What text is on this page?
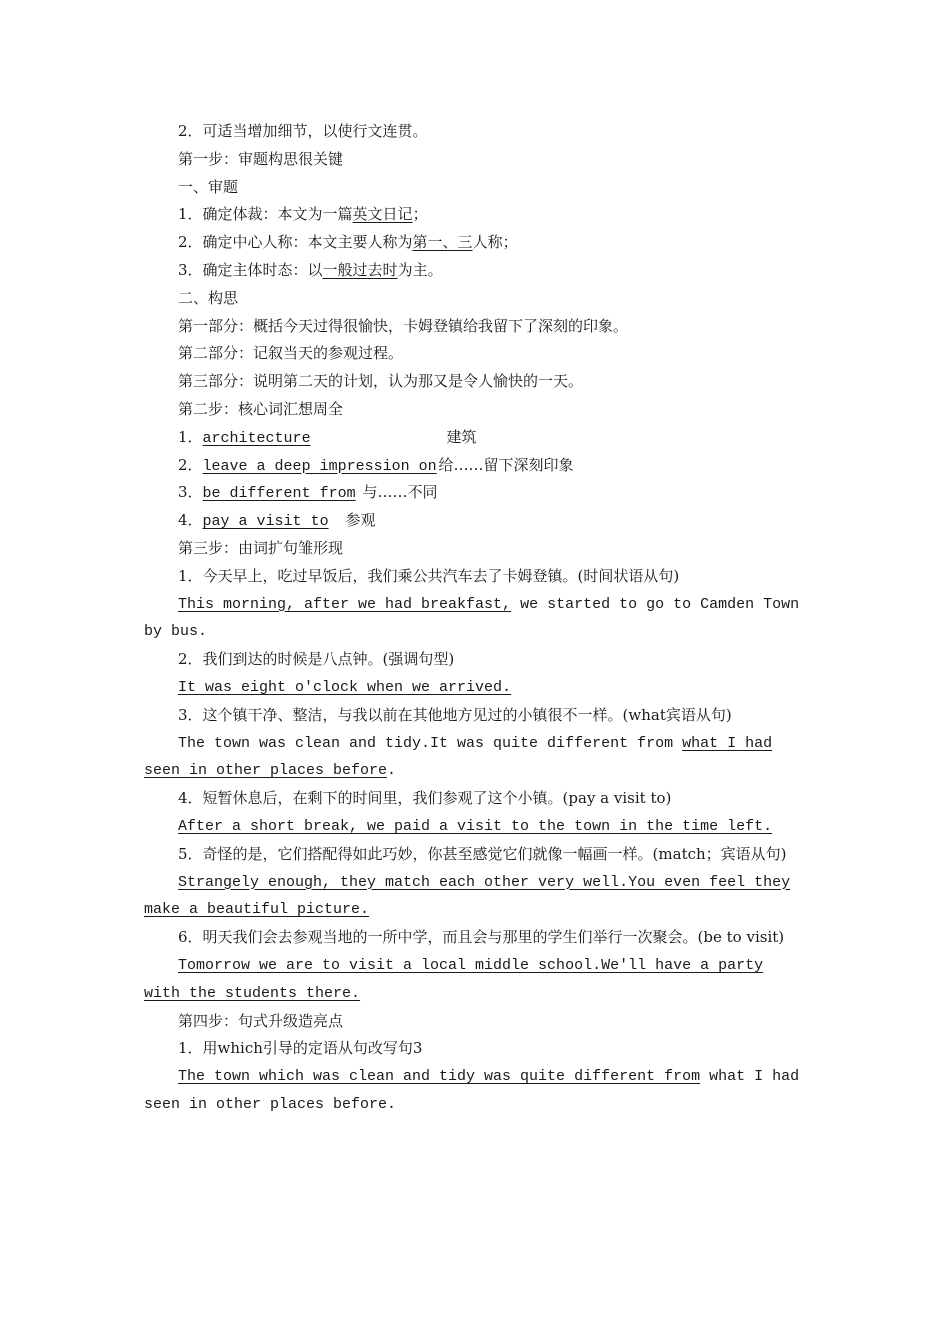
2．可适当增加细节，以使行文连贯。
第一步：审题构思很关键
一、审题
1．确定体裁：本文为一篇英文日记；
2．确定中心人称：本文主要人称为第一、三人称；
3．确定主体时态：以一般过去时为主。
二、构思
第一部分：概括今天过得很愉快，卡姆登镇给我留下了深刻的印象。
第二部分：记叙当天的参观过程。
第三部分：说明第二天的计划，认为那又是令人愉快的一天。
第二步：核心词汇想周全
1．architecture	建筑
2．leave a deep impression on 给……留下深刻印象
3．be different from 与……不同
4．pay a visit to 参观
第三步：由词扩句雏形现
1．今天早上，吃过早饭后，我们乘公共汽车去了卡姆登镇。(时间状语从句)
This morning, after we had breakfast, we started to go to Camden Town by bus.
2．我们到达的时候是八点钟。(强调句型)
It was eight o'clock when we arrived.
3．这个镇干净、整洁，与我以前在其他地方见过的小镇很不一样。(what宾语从句)
The town was clean and tidy.It was quite different from what I had seen in other places before.
4．短暂休息后，在剩下的时间里，我们参观了这个小镇。(pay a visit to)
After a short break, we paid a visit to the town in the time left.
5．奇怪的是，它们搭配得如此巧妙，你甚至感觉它们就像一幅画一样。(match；宾语从句)
Strangely enough, they match each other very well.You even feel they make a beautiful picture.
6．明天我们会去参观当地的一所中学，而且会与那里的学生们举行一次聚会。(be to visit)
Tomorrow we are to visit a local middle school.We'll have a party with the students there.
第四步：句式升级造亮点
1．用which引导的定语从句改写句3
The town which was clean and tidy was quite different from what I had seen in other places before.
